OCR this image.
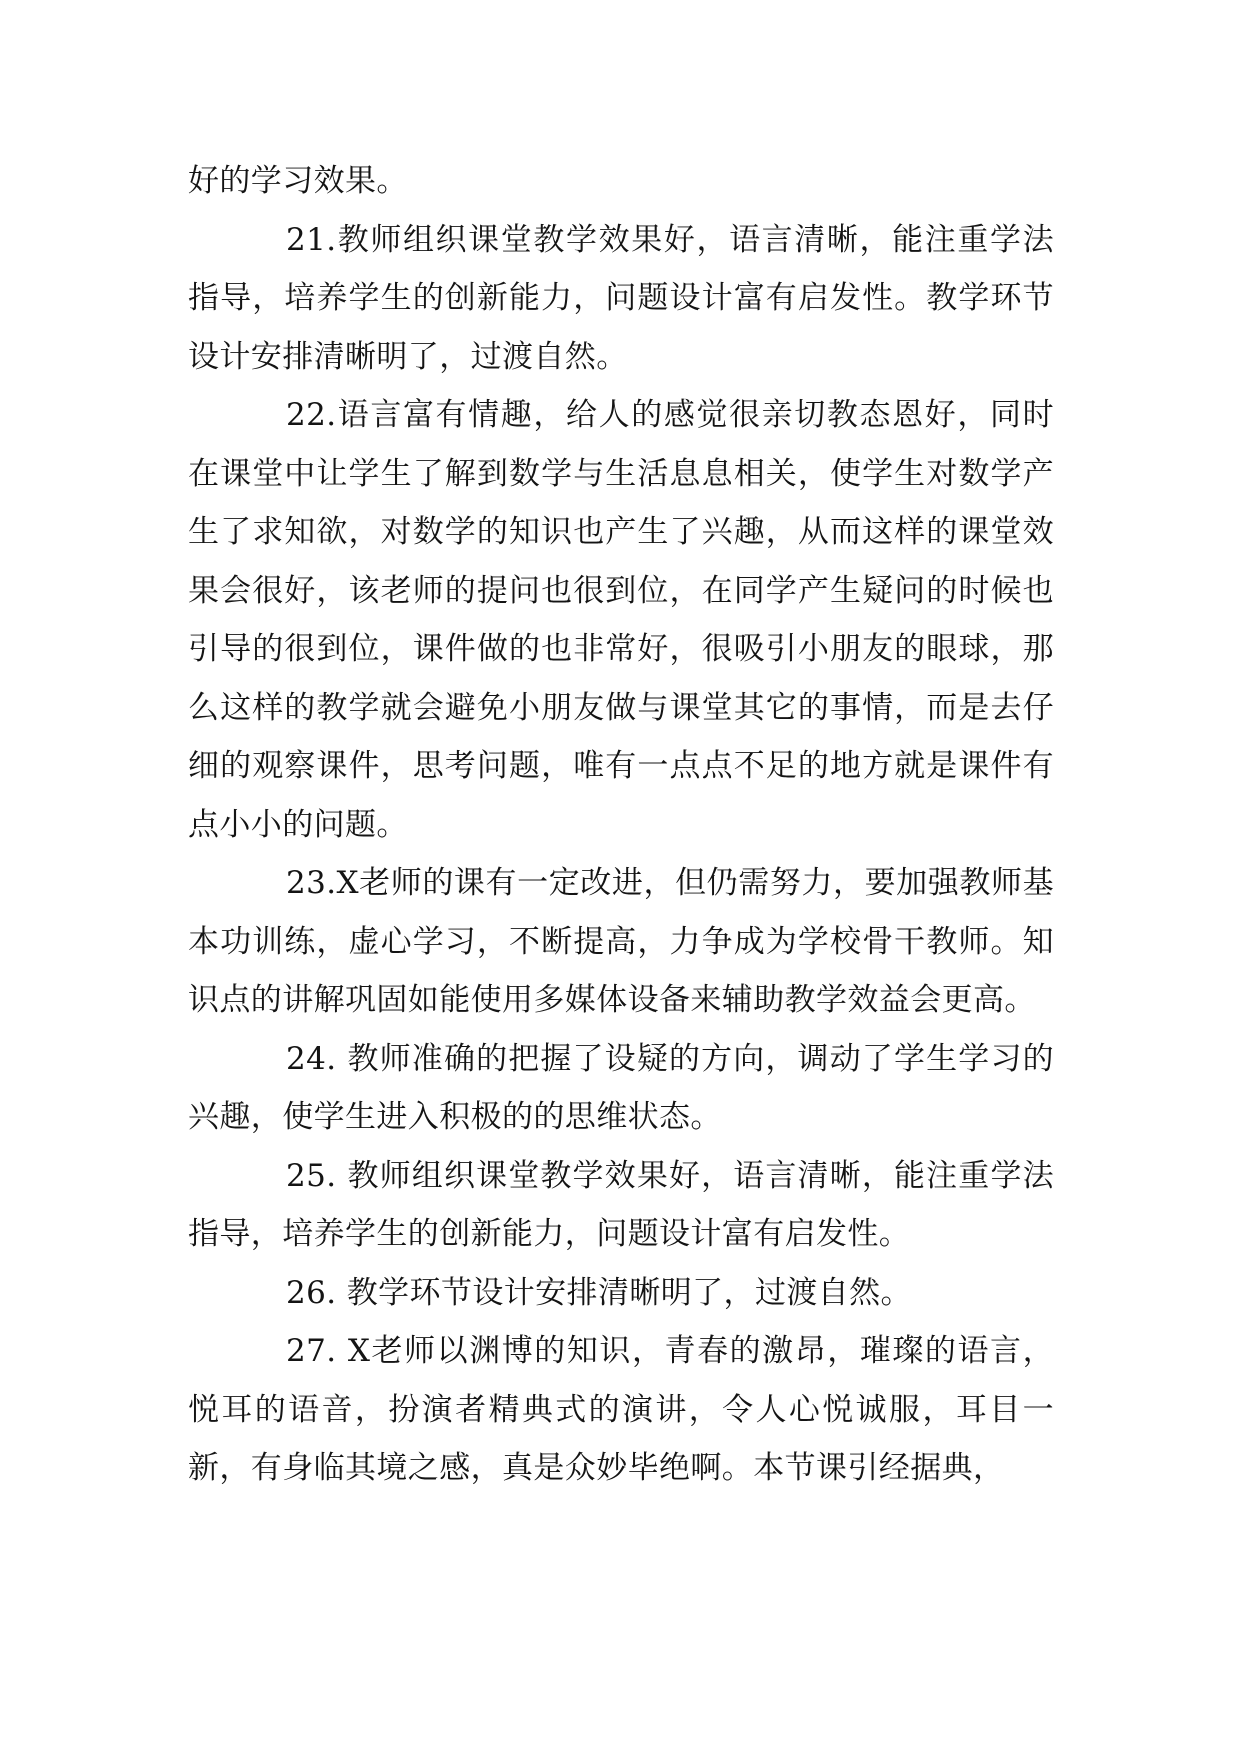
好的学习效果。

21.教师组织课堂教学效果好，语言清晰，能注重学法指导，培养学生的创新能力，问题设计富有启发性。教学环节设计安排清晰明了，过渡自然。

22.语言富有情趣，给人的感觉很亲切教态恩好，同时在课堂中让学生了解到数学与生活息息相关，使学生对数学产生了求知欲，对数学的知识也产生了兴趣，从而这样的课堂效果会很好，该老师的提问也很到位，在同学产生疑问的时候也引导的很到位，课件做的也非常好，很吸引小朋友的眼球，那么这样的教学就会避免小朋友做与课堂其它的事情，而是去仔细的观察课件，思考问题，唯有一点点不足的地方就是课件有点小小的问题。

23.X老师的课有一定改进，但仍需努力，要加强教师基本功训练，虚心学习，不断提高，力争成为学校骨干教师。知识点的讲解巩固如能使用多媒体设备来辅助教学效益会更高。

24. 教师准确的把握了设疑的方向，调动了学生学习的兴趣，使学生进入积极的的思维状态。

25. 教师组织课堂教学效果好，语言清晰，能注重学法指导，培养学生的创新能力，问题设计富有启发性。

26. 教学环节设计安排清晰明了，过渡自然。

27. X老师以渊博的知识，青春的激昂，璀璨的语言，悦耳的语音，扮演者精典式的演讲，令人心悦诚服，耳目一新，有身临其境之感，真是众妙毕绝啊。本节课引经据典，
